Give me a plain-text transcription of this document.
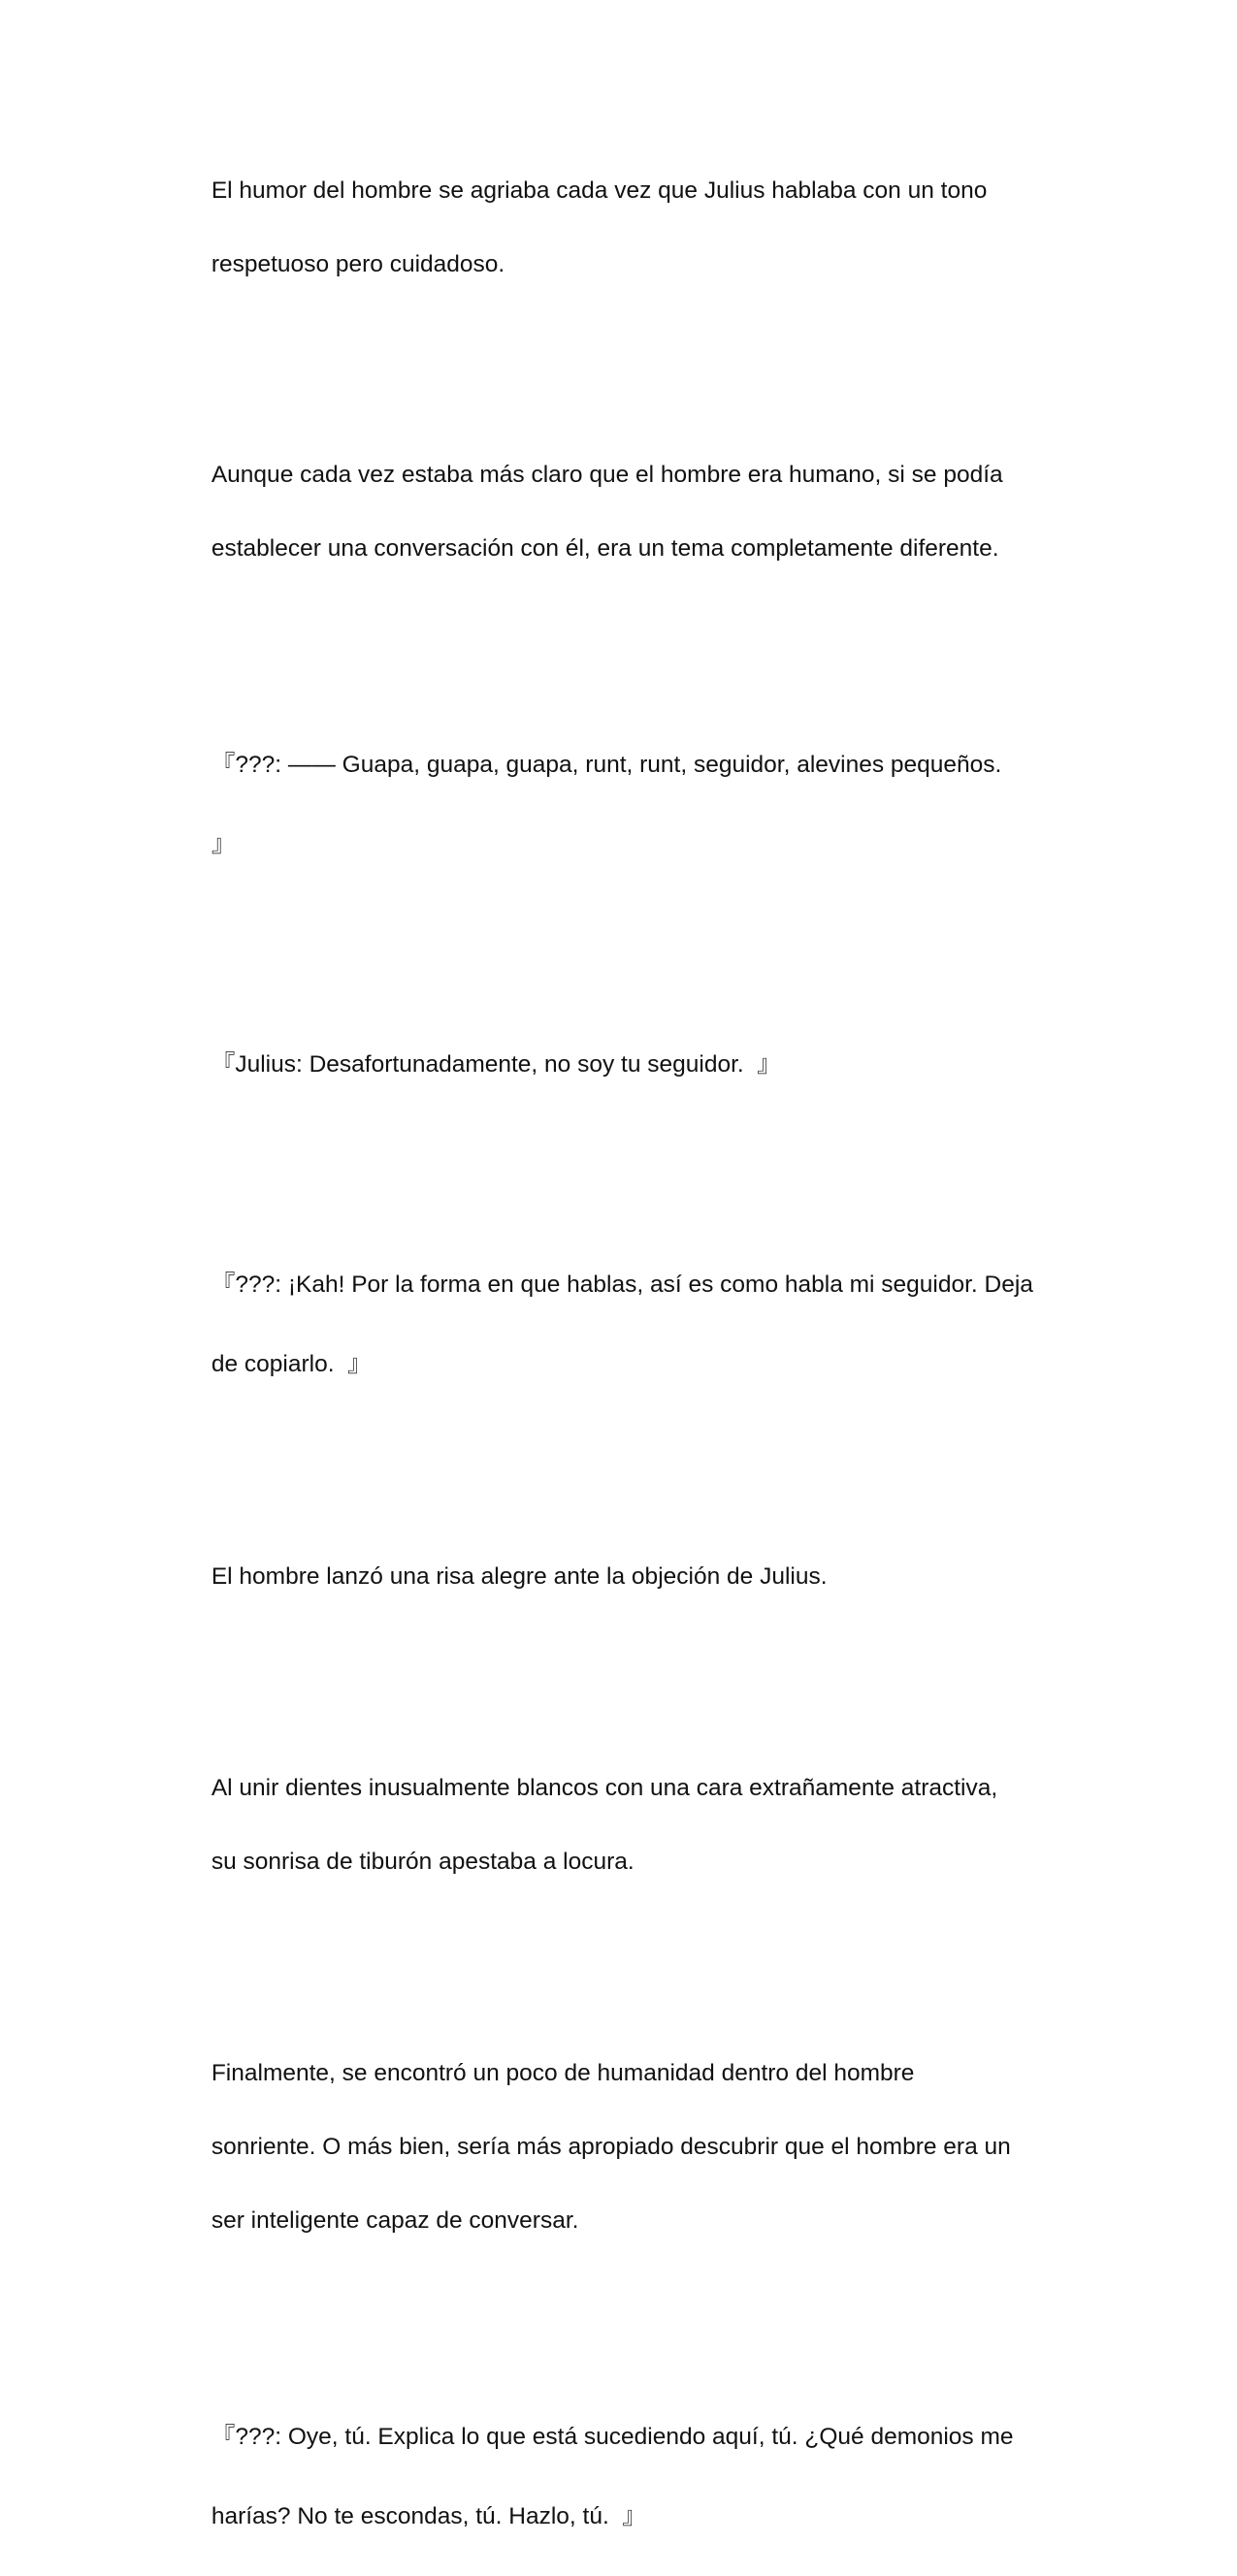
El humor del hombre se agriaba cada vez que Julius hablaba con un tono

respetuoso pero cuidadoso.

Aunque cada vez estaba más claro que el hombre era humano, si se podía

establecer una conversación con él, era un tema completamente diferente.

『???: —— Guapa, guapa, guapa, runt, runt, seguidor, alevines pequeños.

』

『Julius: Desafortunadamente, no soy tu seguidor.  』

『???: ¡Kah! Por la forma en que hablas, así es como habla mi seguidor. Deja

de copiarlo.  』

El hombre lanzó una risa alegre ante la objeción de Julius.

Al unir dientes inusualmente blancos con una cara extrañamente atractiva,

su sonrisa de tiburón apestaba a locura.

Finalmente, se encontró un poco de humanidad dentro del hombre

sonriente. O más bien, sería más apropiado descubrir que el hombre era un

ser inteligente capaz de conversar.

『???: Oye, tú. Explica lo que está sucediendo aquí, tú. ¿Qué demonios me

harías? No te escondas, tú. Hazlo, tú.  』
